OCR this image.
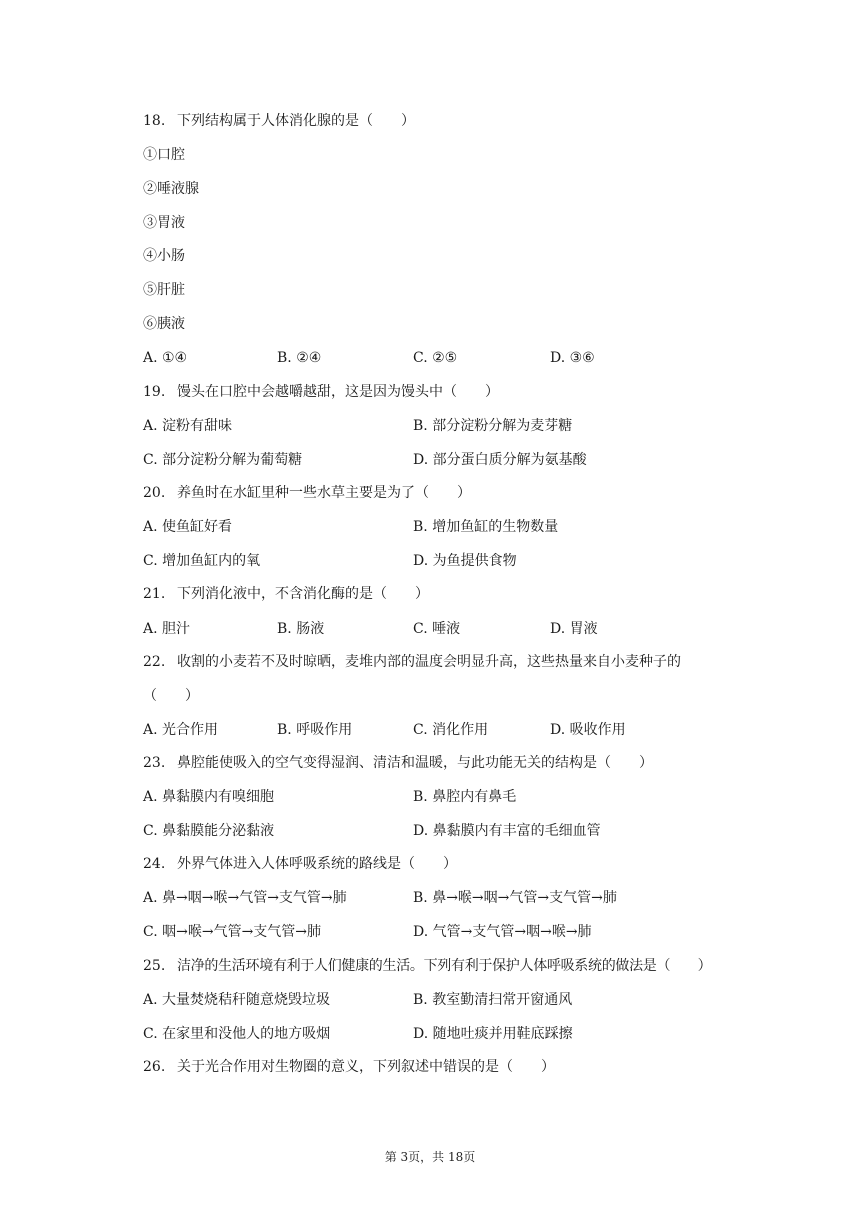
18. 下列结构属于人体消化腺的是（　　）
①口腔
②唾液腺
③胃液
④小肠
⑤肝脏
⑥胰液
A. ①④	B. ②④	C. ②⑤	D. ③⑥
19. 馒头在口腔中会越嚼越甜，这是因为馒头中（　　）
A. 淀粉有甜味	B. 部分淀粉分解为麦芽糖
C. 部分淀粉分解为葡萄糖	D. 部分蛋白质分解为氨基酸
20. 养鱼时在水缸里种一些水草主要是为了（　　）
A. 使鱼缸好看	B. 增加鱼缸的生物数量
C. 增加鱼缸内的氧	D. 为鱼提供食物
21. 下列消化液中，不含消化酶的是（　　）
A. 胆汁	B. 肠液	C. 唾液	D. 胃液
22. 收割的小麦若不及时晾晒，麦堆内部的温度会明显升高，这些热量来自小麦种子的
（　　）
A. 光合作用	B. 呼吸作用	C. 消化作用	D. 吸收作用
23. 鼻腔能使吸入的空气变得湿润、清洁和温暖，与此功能无关的结构是（　　）
A. 鼻黏膜内有嗅细胞	B. 鼻腔内有鼻毛
C. 鼻黏膜能分泌黏液	D. 鼻黏膜内有丰富的毛细血管
24. 外界气体进入人体呼吸系统的路线是（　　）
A. 鼻→咽→喉→气管→支气管→肺	B. 鼻→喉→咽→气管→支气管→肺
C. 咽→喉→气管→支气管→肺	D. 气管→支气管→咽→喉→肺
25. 洁净的生活环境有利于人们健康的生活。下列有利于保护人体呼吸系统的做法是（　　）
A. 大量焚烧秸秆随意烧毁垃圾	B. 教室勤清扫常开窗通风
C. 在家里和没他人的地方吸烟	D. 随地吐痰并用鞋底踩擦
26. 关于光合作用对生物圈的意义，下列叙述中错误的是（　　）
第 3页，共 18页
